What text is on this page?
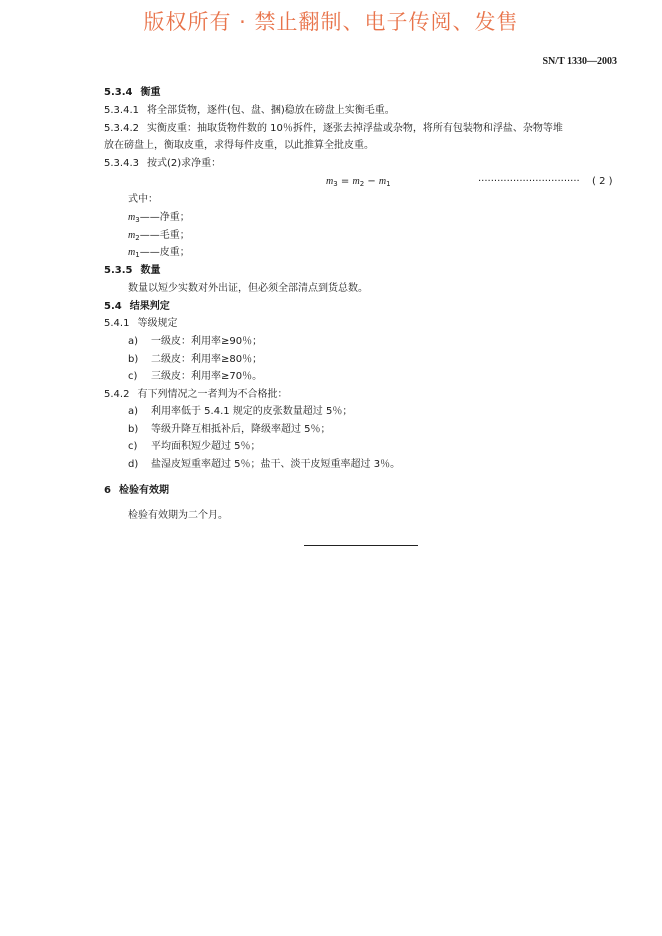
版权所有 · 禁止翻制、电子传阅、发售
SN/T 1330—2003
5.3.4 衡重
5.3.4.1 将全部货物，逐件(包、盘、捆)稳放在磅盘上实衡毛重。
5.3.4.2 实衡皮重：抽取货物件数的 10％拆件，逐张去掉浮盐或杂物，将所有包装物和浮盐、杂物等堆
放在磅盘上，衡取皮重，求得每件皮重，以此推算全批皮重。
5.3.4.3 按式(2)求净重：
$m_3 = m_2 - m_1$	································ ( 2 )
式中：
$m_3——$净重；
$m_2——$毛重；
$m_1——$皮重；
5.3.5 数量
数量以短少实数对外出证，但必须全部清点到货总数。
5.4 结果判定
5.4.1 等级规定
a) 一级皮：利用率≥90％；
b) 二级皮：利用率≥80％；
c) 三级皮：利用率≥70％。
5.4.2 有下列情况之一者判为不合格批：
a) 利用率低于 5.4.1 规定的皮张数量超过 5％；
b) 等级升降互相抵补后，降级率超过 5％；
c) 平均面积短少超过 5％；
d) 盐湿皮短重率超过 5％；盐干、淡干皮短重率超过 3％。
6 检验有效期
检验有效期为二个月。
